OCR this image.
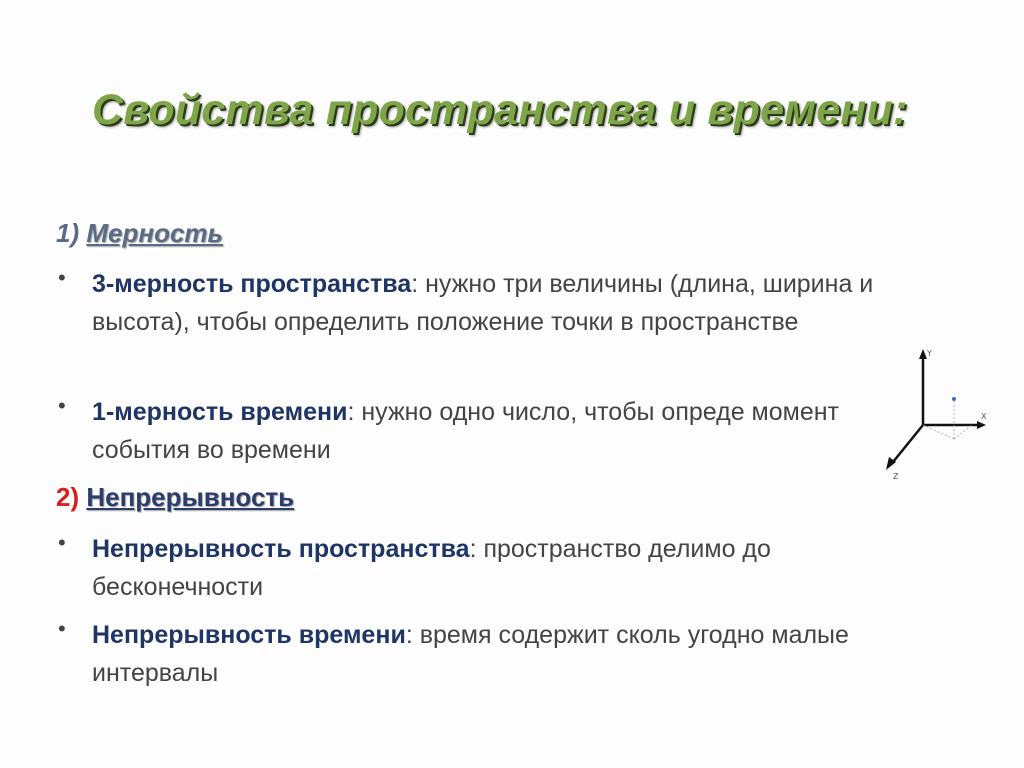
Свойства пространства и времени:
1) Мерность
• 3-мерность пространства: нужно три величины (длина, ширина и высота), чтобы определить положение точки в пространстве
• 1-мерность времени: нужно одно число, чтобы опреде момент события во времени
2) Непрерывность
• Непрерывность пространства: пространство делимо до бесконечности
• Непрерывность времени: время содержит сколь угодно малые интервалы
Y
X
Z
